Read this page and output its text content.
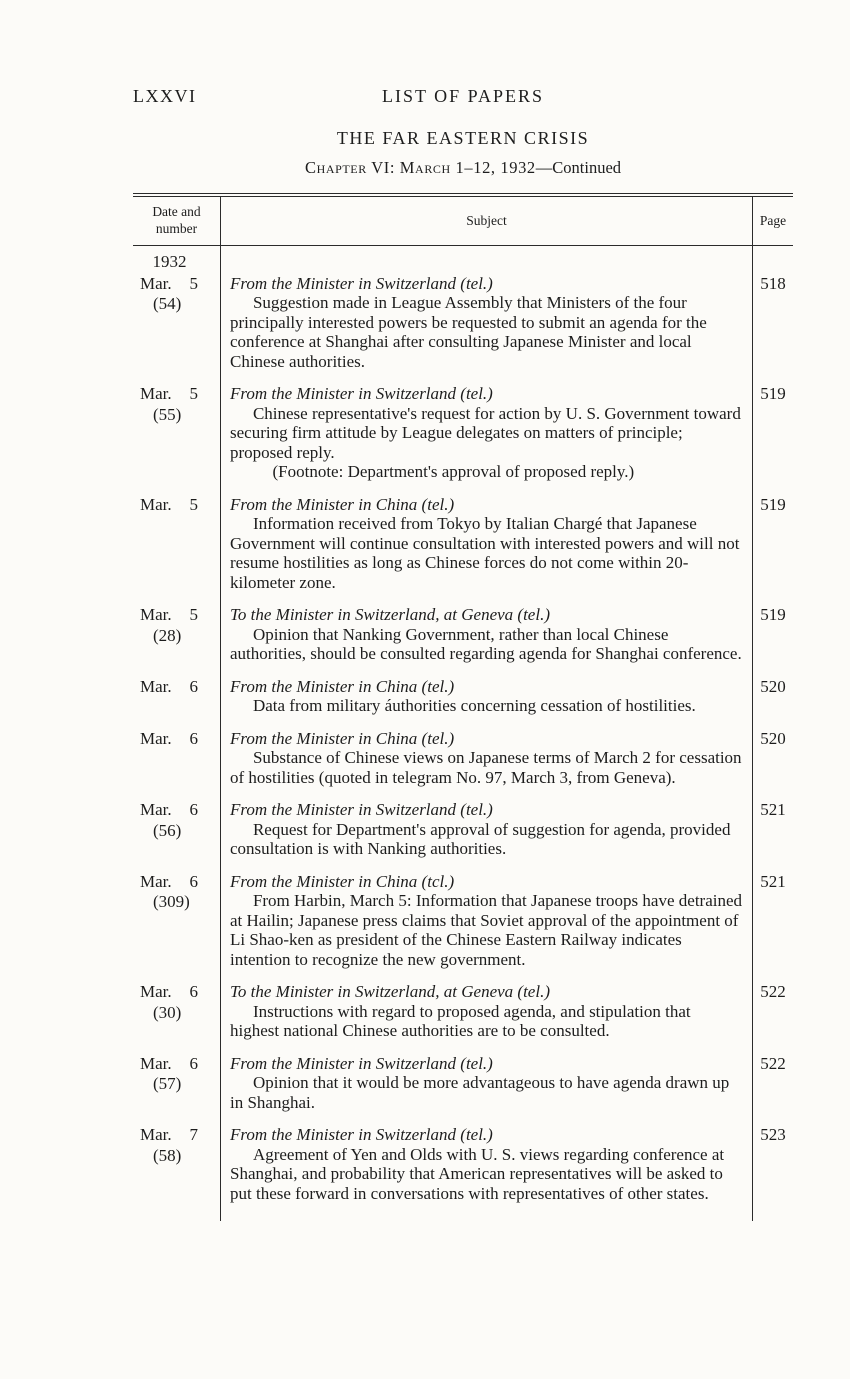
LXXVI	LIST OF PAPERS
THE FAR EASTERN CRISIS
Chapter VI: March 1–12, 1932—Continued
Date and number
Subject	Page
1932
Mar. 5
(54)
From the Minister in Switzerland (tel.)
Suggestion made in League Assembly that Ministers of the four principally interested powers be requested to submit an agenda for the conference at Shanghai after consulting Japanese Minister and local Chinese authorities.
518
Mar. 5
(55)
From the Minister in Switzerland (tel.)
Chinese representative's request for action by U. S. Government toward securing firm attitude by League delegates on matters of principle; proposed reply.
(Footnote: Department's approval of proposed reply.)
519
Mar. 5 From the Minister in China (tel.)
Information received from Tokyo by Italian Chargé that Japanese Government will continue consultation with interested powers and will not resume hostilities as long as Chinese forces do not come within 20-kilometer zone.
519
Mar. 5
(28)
To the Minister in Switzerland, at Geneva (tel.)
Opinion that Nanking Government, rather than local Chinese authorities, should be consulted regarding agenda for Shanghai conference.
519
Mar. 6 From the Minister in China (tel.)
Data from military áuthorities concerning cessation of hostilities.
520
Mar. 6 From the Minister in China (tel.)
Substance of Chinese views on Japanese terms of March 2 for cessation of hostilities (quoted in telegram No. 97, March 3, from Geneva).
520
Mar. 6
(56)
From the Minister in Switzerland (tel.)
Request for Department's approval of suggestion for agenda, provided consultation is with Nanking authorities.
521
Mar. 6
(309)
From the Minister in China (tcl.)
From Harbin, March 5: Information that Japanese troops have detrained at Hailin; Japanese press claims that Soviet approval of the appointment of Li Shao-ken as president of the Chinese Eastern Railway indicates intention to recognize the new government.
521
Mar. 6
(30)
To the Minister in Switzerland, at Geneva (tel.)
Instructions with regard to proposed agenda, and stipulation that highest national Chinese authorities are to be consulted.
522
Mar. 6
(57)
From the Minister in Switzerland (tel.)
Opinion that it would be more advantageous to have agenda drawn up in Shanghai.
522
Mar. 7
(58)
From the Minister in Switzerland (tel.)
Agreement of Yen and Olds with U. S. views regarding conference at Shanghai, and probability that American representatives will be asked to put these forward in conversations with representatives of other states.
523
